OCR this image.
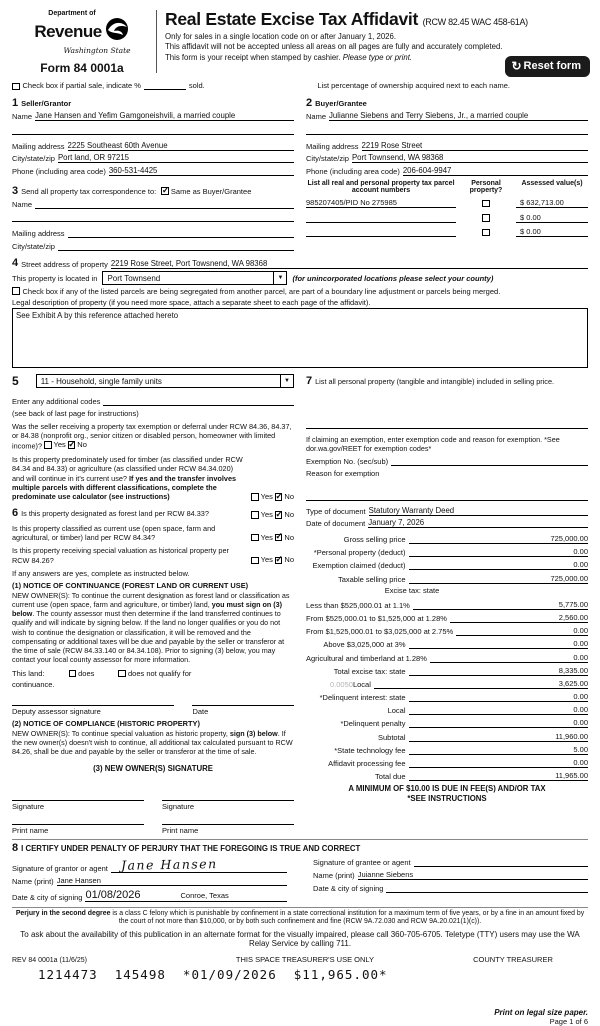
Department of
Revenue
Washington State
Form 84 0001a
Real Estate Excise Tax Affidavit (RCW 82.45 WAC 458-61A)
Only for sales in a single location code on or after January 1, 2026.
This affidavit will not be accepted unless all areas on all pages are fully and accurately completed.
This form is your receipt when stamped by cashier. Please type or print.
↻ Reset form
Check box if partial sale, indicate %	sold.	List percentage of ownership acquired next to each name.
1 Seller/Grantor
Name Jane Hansen and Yefim Gamgoneishvili, a married couple
Mailing address 2225 Southeast 60th Avenue
City/state/zip Port land, OR 97215
Phone (including area code) 360-531-4425
3 Send all property tax correspondence to: ✓ Same as Buyer/Grantee
Name
Mailing address
City/state/zip
2 Buyer/Grantee
Name Julianne Siebens and Terry Siebens, Jr., a married couple
Mailing address 2219 Rose Street
City/state/zip Port Townsend, WA 98368
Phone (including area code) 206-604-9947
List all real and personal property tax parcel account numbers
Personal property?
Assessed value(s)
985207405/PID No 275985	$ 632,713.00
$ 0.00
$ 0.00
4 Street address of property 2219 Rose Street, Port Towsnend, WA 98368
This property is located in Port Townsend	▼	(for unincorporated locations please select your county)
Check box if any of the listed parcels are being segregated from another parcel, are part of a boundary line adjustment or parcels being merged.
Legal description of property (if you need more space, attach a separate sheet to each page of the affidavit).
See Exhibit A by this reference attached hereto
5	11 - Household, single family units	▼
Enter any additional codes
(see back of last page for instructions)

Was the seller receiving a property tax exemption or deferral under RCW 84.36, 84.37, or 84.38 (nonprofit org., senior citizen or disabled person, homeowner with limited income)? Yes ✓ No

Is this property predominately used for timber (as classified under RCW 84.34 and 84.33) or agriculture (as classified under RCW 84.34.020) and will continue in it's current use? If yes and the transfer involves multiple parcels with different classifications, complete the predominate use calculator (see instructions)	Yes ✓ No

6 Is this property designated as forest land per RCW 84.33?	Yes ✓ No

Is this property classified as current use (open space, farm and agricultural, or timber) land per RCW 84.34?	Yes ✓ No

Is this property receiving special valuation as historical property per RCW 84.26?	Yes ✓ No
If any answers are yes, complete as instructed below.
(1) NOTICE OF CONTINUANCE (FOREST LAND OR CURRENT USE)
NEW OWNER(S): To continue the current designation as forest land or classification as current use (open space, farm and agriculture, or timber) land, you must sign on (3) below. The county assessor must then determine if the land transferred continues to qualify and will indicate by signing below. If the land no longer qualifies or you do not wish to continue the designation or classification, it will be removed and the compensating or additional taxes will be due and payable by the seller or transferor at the time of sale (RCW 84.33.140 or 84.34.108). Prior to signing (3) below, you may contact your local county assessor for more information.
This land:	does	does not qualify for
continuance.
Deputy assessor signature	Date
(2) NOTICE OF COMPLIANCE (HISTORIC PROPERTY)
NEW OWNER(S): To continue special valuation as historic property, sign (3) below. If the new owner(s) doesn't wish to continue, all additional tax calculated pursuant to RCW 84.26, shall be due and payable by the seller or transferor at the time of sale.
(3) NEW OWNER(S) SIGNATURE
Signature
Print name
Signature
Print name

7 List all personal property (tangible and intangible) included in selling price.

If claiming an exemption, enter exemption code and reason for exemption. *See dor.wa.gov/REET for exemption codes*
Exemption No. (sec/sub)
Reason for exemption
Type of document Statutory Warranty Deed
Date of document January 7, 2026
Gross selling price	725,000.00
*Personal property (deduct)	0.00
Exemption claimed (deduct)	0.00
Taxable selling price	725,000.00
Excise tax: state
Less than $525,000.01 at 1.1%	5,775.00
From $525,000.01 to $1,525,000 at 1.28%	2,560.00
From $1,525,000.01 to $3,025,000 at 2.75%	0.00
Above $3,025,000 at 3%	0.00
Agricultural and timberland at 1.28%	0.00
Total excise tax: state	8,335.00
0.0050 Local	3,625.00
*Delinquent interest: state	0.00
Local	0.00
*Delinquent penalty	0.00
Subtotal	11,960.00
*State technology fee	5.00
Affidavit processing fee	0.00
Total due	11,965.00
A MINIMUM OF $10.00 IS DUE IN FEE(S) AND/OR TAX
*SEE INSTRUCTIONS
8 I CERTIFY UNDER PENALTY OF PERJURY THAT THE FOREGOING IS TRUE AND CORRECT
Signature of grantor or agent	Jane Hansen
Name (print) Jane Hansen
Date & city of signing 01/08/2026	Conroe, Texas
Signature of grantee or agent
Name (print) Juianne Siebens
Date & city of signing
Perjury in the second degree is a class C felony which is punishable by confinement in a state correctional institution for a maximum term of five years, or by a fine in an amount fixed by the court of not more than $10,000, or by both such confinement and fine (RCW 9A.72.030 and RCW 9A.20.021(1)(c)).
To ask about the availability of this publication in an alternate format for the visually impaired, please call 360-705-6705. Teletype (TTY) users may use the WA Relay Service by calling 711.
REV 84 0001a (11/6/25)	THIS SPACE TREASURER'S USE ONLY	COUNTY TREASURER
1214473  145498  *01/09/2026  $11,965.00*
Print on legal size paper.
Page 1 of 6
